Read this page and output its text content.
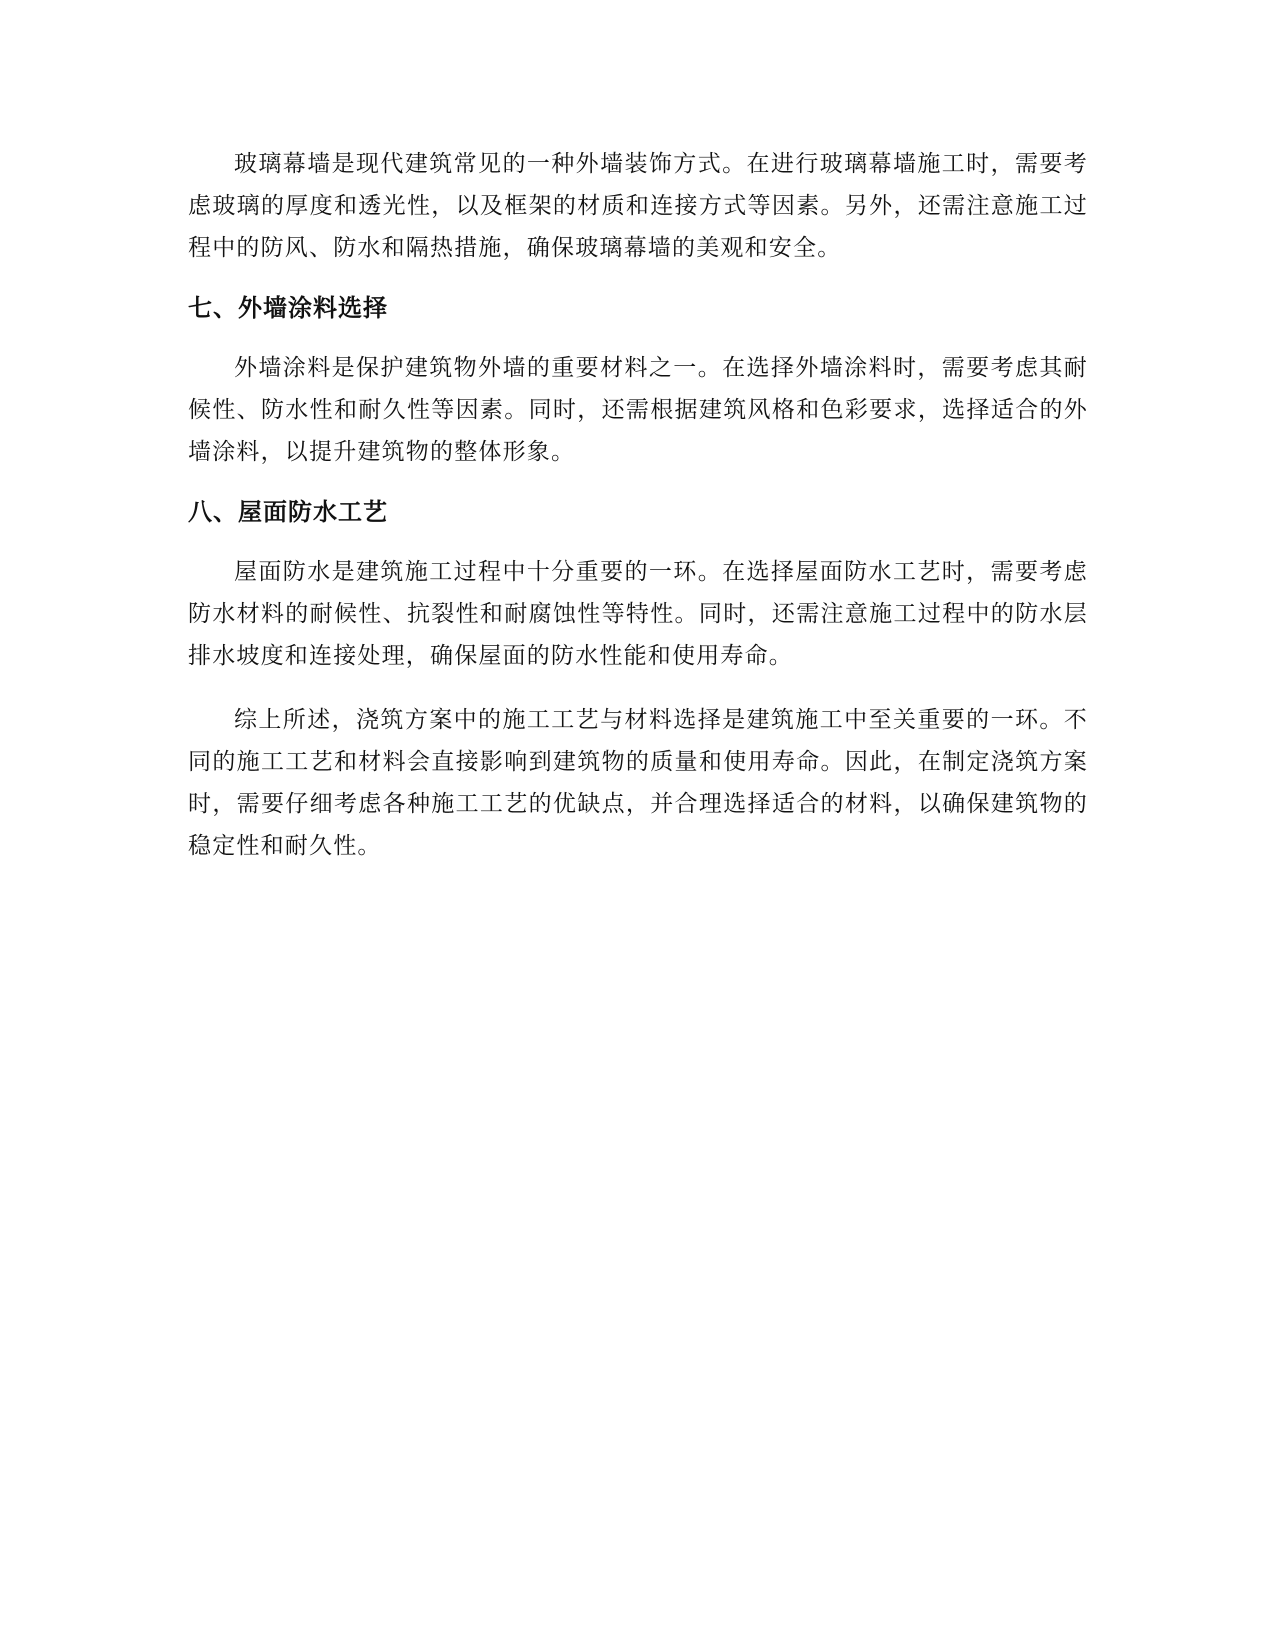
玻璃幕墙是现代建筑常见的一种外墙装饰方式。在进行玻璃幕墙施工时，需要考虑玻璃的厚度和透光性，以及框架的材质和连接方式等因素。另外，还需注意施工过程中的防风、防水和隔热措施，确保玻璃幕墙的美观和安全。

七、外墙涂料选择

外墙涂料是保护建筑物外墙的重要材料之一。在选择外墙涂料时，需要考虑其耐候性、防水性和耐久性等因素。同时，还需根据建筑风格和色彩要求，选择适合的外墙涂料，以提升建筑物的整体形象。

八、屋面防水工艺

屋面防水是建筑施工过程中十分重要的一环。在选择屋面防水工艺时，需要考虑防水材料的耐候性、抗裂性和耐腐蚀性等特性。同时，还需注意施工过程中的防水层排水坡度和连接处理，确保屋面的防水性能和使用寿命。

综上所述，浇筑方案中的施工工艺与材料选择是建筑施工中至关重要的一环。不同的施工工艺和材料会直接影响到建筑物的质量和使用寿命。因此，在制定浇筑方案时，需要仔细考虑各种施工工艺的优缺点，并合理选择适合的材料，以确保建筑物的稳定性和耐久性。
